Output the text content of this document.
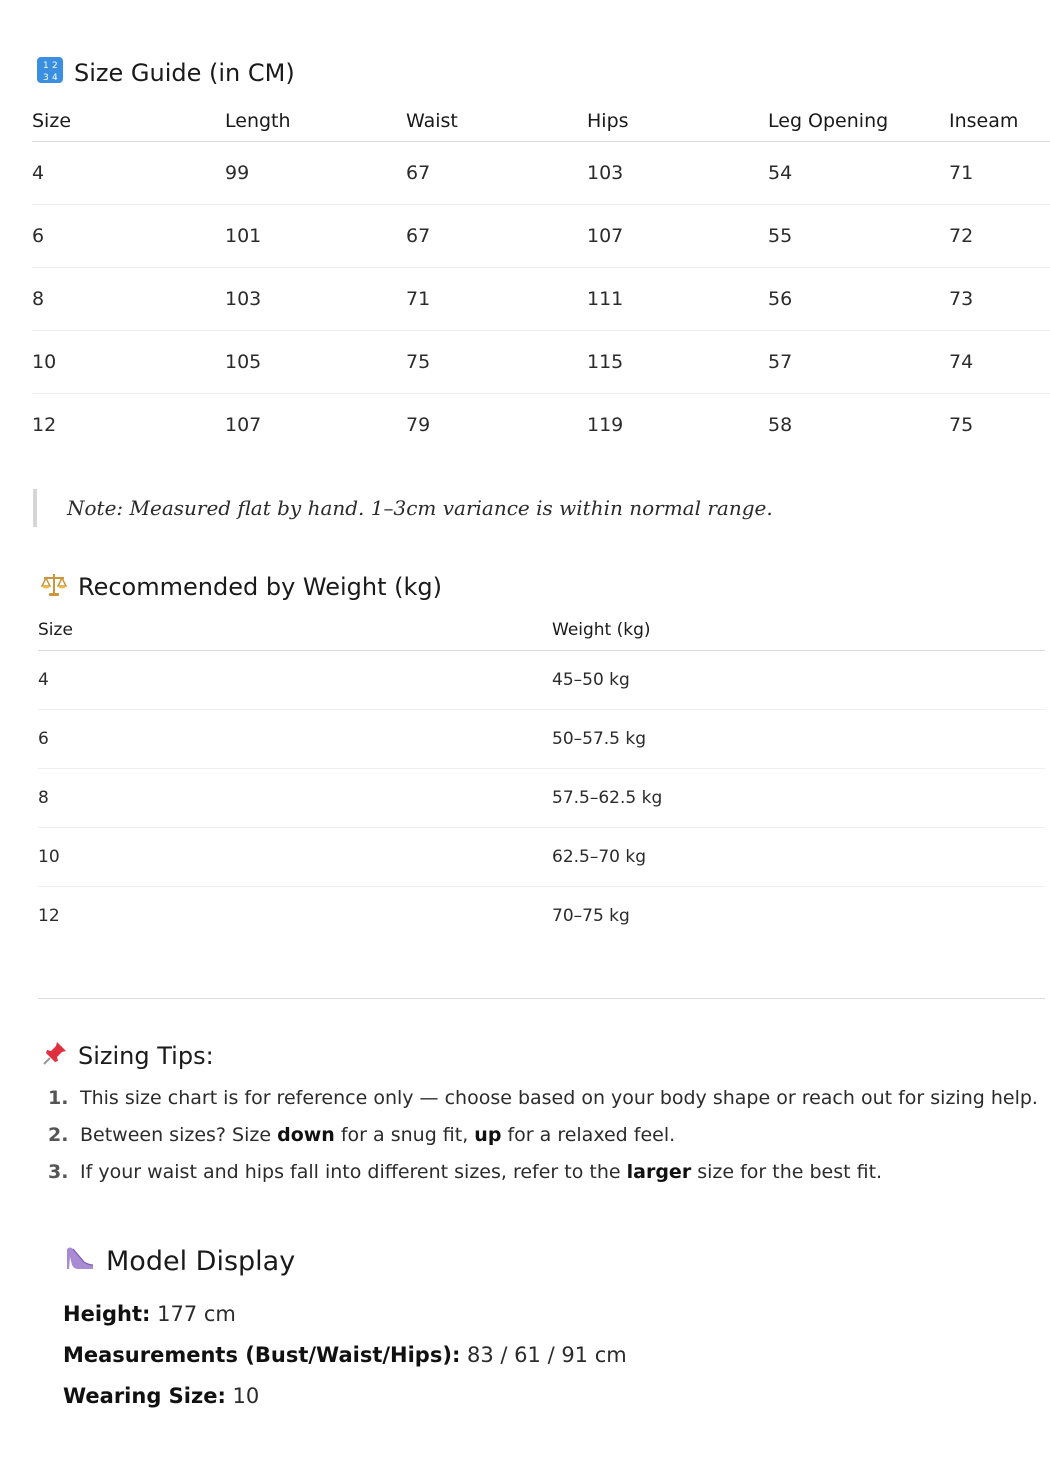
1 2
3 4 Size Guide (in CM)
Size	Length	Waist	Hips	Leg Opening	Inseam
4	99	67	103	54	71
6	101	67	107	55	72
8	103	71	111	56	73
10	105	75	115	57	74
12	107	79	119	58	75
Note: Measured flat by hand. 1–3cm variance is within normal range.
Recommended by Weight (kg)
Size	Weight (kg)
4	45–50 kg
6	50–57.5 kg
8	57.5–62.5 kg
10	62.5–70 kg
12	70–75 kg
Sizing Tips:
1. This size chart is for reference only — choose based on your body shape or reach out for sizing help.
2. Between sizes? Size down for a snug fit, up for a relaxed feel.
3. If your waist and hips fall into different sizes, refer to the larger size for the best fit.
Model Display

Height: 177 cm

Measurements (Bust/Waist/Hips): 83 / 61 / 91 cm

Wearing Size: 10
